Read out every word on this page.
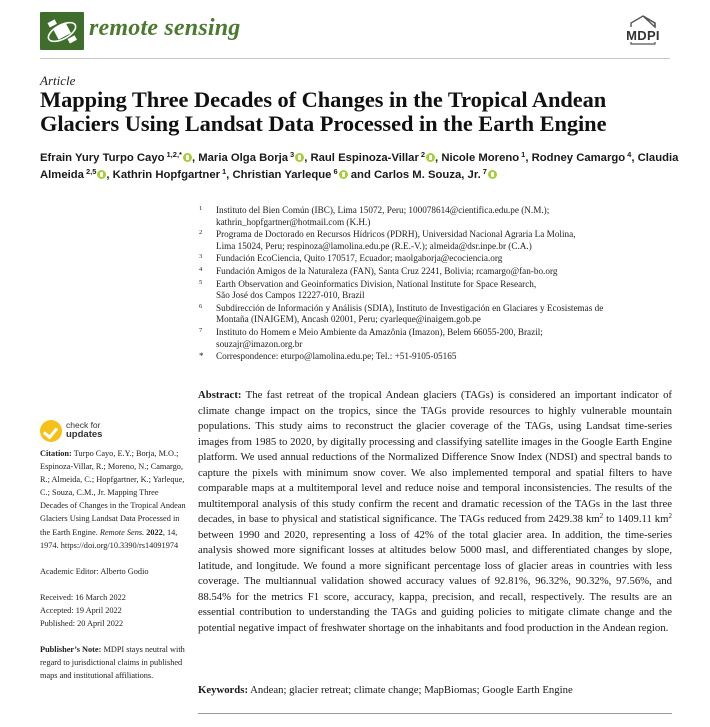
remote sensing	MDPI
Article
Mapping Three Decades of Changes in the Tropical Andean Glaciers Using Landsat Data Processed in the Earth Engine
Efrain Yury Turpo Cayo $^{1,2,*}$ , Maria Olga Borja $^3$ , Raul Espinoza-Villar $^2$ , Nicole Moreno $^1$, Rodney Camargo $^4$, Claudia Almeida $^{2,5}$ , Kathrin Hopfgartner $^1$, Christian Yarleque $^6$ and Carlos M. Souza, Jr. $^7$
1 Instituto del Bien Común (IBC), Lima 15072, Peru; 100078614@cientifica.edu.pe (N.M.);
kathrin_hopfgartner@hotmail.com (K.H.)
2 Programa de Doctorado en Recursos Hídricos (PDRH), Universidad Nacional Agraria La Molina,
Lima 15024, Peru; respinoza@lamolina.edu.pe (R.E.-V.); almeida@dsr.inpe.br (C.A.)
3 Fundación EcoCiencia, Quito 170517, Ecuador; maolgaborja@ecociencia.org
4 Fundación Amigos de la Naturaleza (FAN), Santa Cruz 2241, Bolivia; rcamargo@fan-bo.org
5 Earth Observation and Geoinformatics Division, National Institute for Space Research,
São José dos Campos 12227-010, Brazil
6 Subdirección de Información y Análisis (SDIA), Instituto de Investigación en Glaciares y Ecosistemas de
Montaña (INAIGEM), Ancash 02001, Peru; cyarleque@inaigem.gob.pe
7 Instituto do Homem e Meio Ambiente da Amazônia (Imazon), Belem 66055-200, Brazil;
souzajr@imazon.org.br
* Correspondence: eturpo@lamolina.edu.pe; Tel.: +51-9105-05165
check for
updates

Citation: Turpo Cayo, E.Y.; Borja, M.O.; Espinoza-Villar, R.; Moreno, N.; Camargo, R.; Almeida, C.; Hopfgartner, K.; Yarleque, C.; Souza, C.M., Jr. Mapping Three Decades of Changes in the Tropical Andean Glaciers Using Landsat Data Processed in the Earth Engine. Remote Sens. 2022, 14, 1974. https://doi.org/10.3390/rs14091974

Academic Editor: Alberto Godio

Received: 16 March 2022

Accepted: 19 April 2022

Published: 20 April 2022

Publisher’s Note: MDPI stays neutral with regard to jurisdictional claims in published maps and institutional affiliations.

Abstract: The fast retreat of the tropical Andean glaciers (TAGs) is considered an important indicator of climate change impact on the tropics, since the TAGs provide resources to highly vulnerable mountain populations. This study aims to reconstruct the glacier coverage of the TAGs, using Landsat time-series images from 1985 to 2020, by digitally processing and classifying satellite images in the Google Earth Engine platform. We used annual reductions of the Normalized Difference Snow Index (NDSI) and spectral bands to capture the pixels with minimum snow cover. We also implemented temporal and spatial filters to have comparable maps at a multitemporal level and reduce noise and temporal inconsistencies. The results of the multitemporal analysis of this study confirm the recent and dramatic recession of the TAGs in the last three decades, in base to physical and statistical significance. The TAGs reduced from 2429.38 $km^2$ to 1409.11 $km^2$ between 1990 and 2020, representing a loss of 42% of the total glacier area. In addition, the time-series analysis showed more significant losses at altitudes below 5000 masl, and differentiated changes by slope, latitude, and longitude. We found a more significant percentage loss of glacier areas in countries with less coverage. The multiannual validation showed accuracy values of 92.81%, 96.32%, 90.32%, 97.56%, and 88.54% for the metrics F1 score, accuracy, kappa, precision, and recall, respectively. The results are an essential contribution to understanding the TAGs and guiding policies to mitigate climate change and the potential negative impact of freshwater shortage on the inhabitants and food production in the Andean region.
Keywords: Andean; glacier retreat; climate change; MapBiomas; Google Earth Engine
